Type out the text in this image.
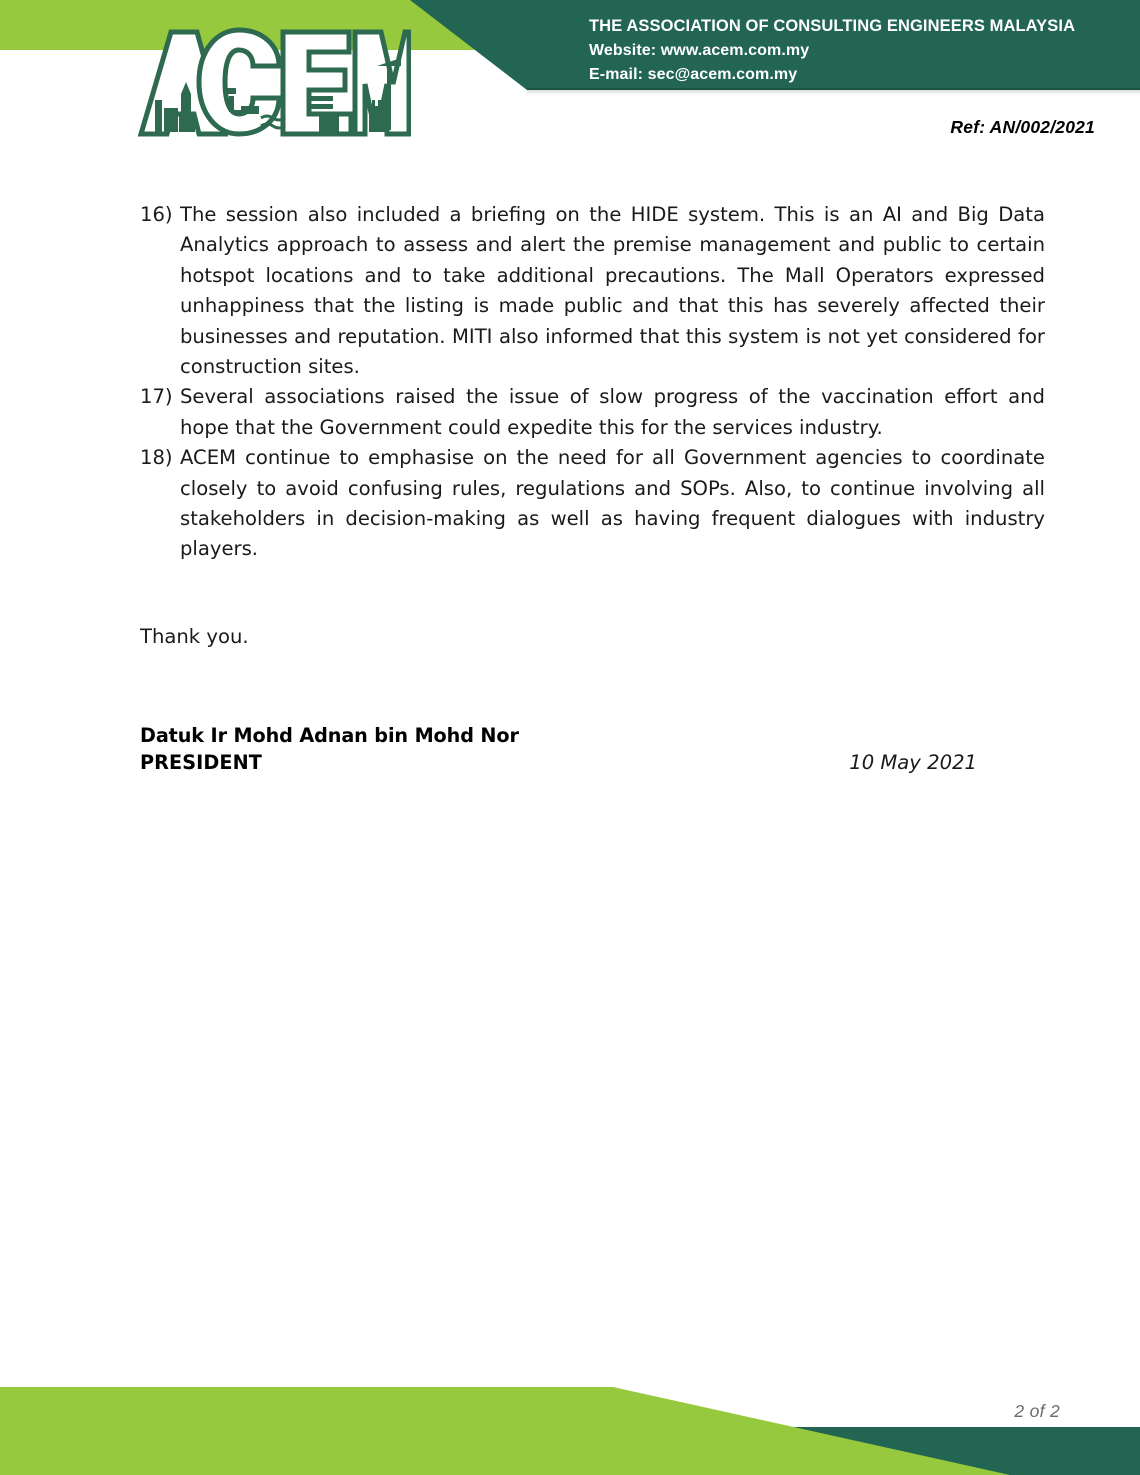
THE ASSOCIATION OF CONSULTING ENGINEERS MALAYSIA
Website: www.acem.com.my
E-mail: sec@acem.com.my
Ref: AN/002/2021
16) The session also included a briefing on the HIDE system. This is an AI and Big Data Analytics approach to assess and alert the premise management and public to certain hotspot locations and to take additional precautions. The Mall Operators expressed unhappiness that the listing is made public and that this has severely affected their businesses and reputation. MITI also informed that this system is not yet considered for construction sites.
17) Several associations raised the issue of slow progress of the vaccination effort and hope that the Government could expedite this for the services industry.
18) ACEM continue to emphasise on the need for all Government agencies to coordinate closely to avoid confusing rules, regulations and SOPs. Also, to continue involving all stakeholders in decision-making as well as having frequent dialogues with industry players.
Thank you.
Datuk Ir Mohd Adnan bin Mohd Nor
PRESIDENT	10 May 2021
2 of 2
